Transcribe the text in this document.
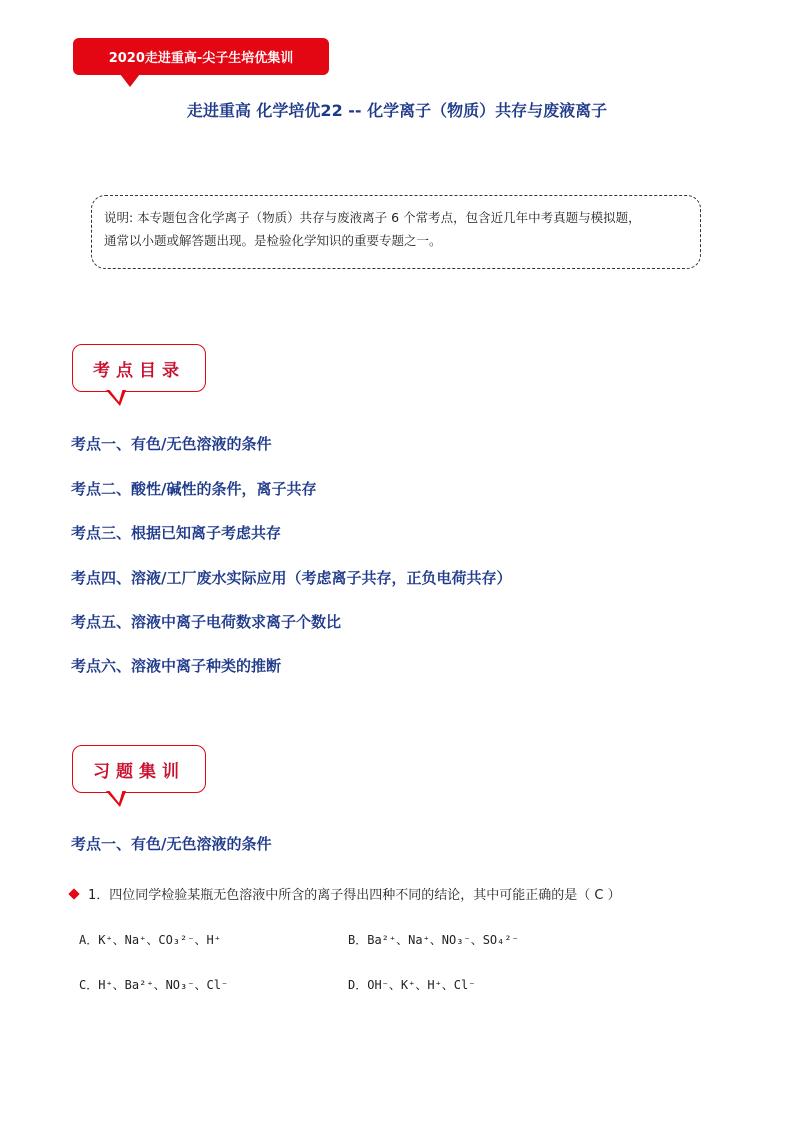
2020走进重高-尖子生培优集训
走进重高 化学培优22 -- 化学离子（物质）共存与废液离子
说明: 本专题包含化学离子（物质）共存与废液离子 6 个常考点，包含近几年中考真题与模拟题，
通常以小题或解答题出现。是检验化学知识的重要专题之一。
考点目录
考点一、有色/无色溶液的条件
考点二、酸性/碱性的条件，离子共存
考点三、根据已知离子考虑共存
考点四、溶液/工厂废水实际应用（考虑离子共存，正负电荷共存）
考点五、溶液中离子电荷数求离子个数比
考点六、溶液中离子种类的推断
习题集训
考点一、有色/无色溶液的条件
1．四位同学检验某瓶无色溶液中所含的离子得出四种不同的结论，其中可能正确的是（ C ）
A．K⁺、Na⁺、CO₃²⁻、H⁺	B．Ba²⁺、Na⁺、NO₃⁻、SO₄²⁻
C．H⁺、Ba²⁺、NO₃⁻、Cl⁻	D．OH⁻、K⁺、H⁺、Cl⁻
